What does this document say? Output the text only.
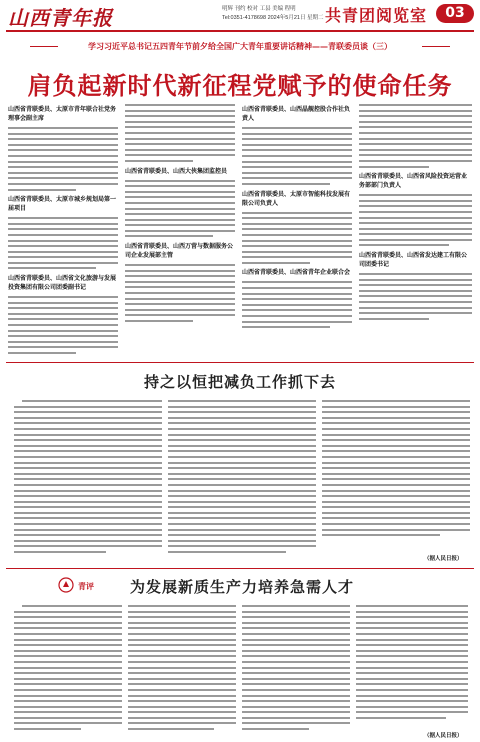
山西青年报	明辉 刊约 校对 工县 美编 程明
Tel:0351-4178698 2024年5月21日 星期二 共青团阅览室	03
学习习近平总书记五四青年节前夕给全国广大青年重要讲话精神——青联委员谈（三）
肩负起新时代新征程党赋予的使命任务
山西省青联委员、太原市青年联合社党务理事会副主席
山西省青联委员、太原市城乡规划局第一届项目
山西省青联委员、山西省文化旅游与发展投资集团有限公司团委副书记
山西省青联委员、山西大侠集团监控员
山西省青联委员、山西万营与数据服务公司企业发展部主管
山西省青联委员、山西晶舰控股合作社负责人
山西省青联委员、太原市智能科技发展有限公司负责人
山西省青联委员、山西省青年企业联合会
山西省青联委员、山西省风险投资运营业务部部门负责人
山西省青联委员、山西省发达建工有限公司团委书记
持之以恒把减负工作抓下去
（据人民日报）
青评 为发展新质生产力培养急需人才
（据人民日报）
